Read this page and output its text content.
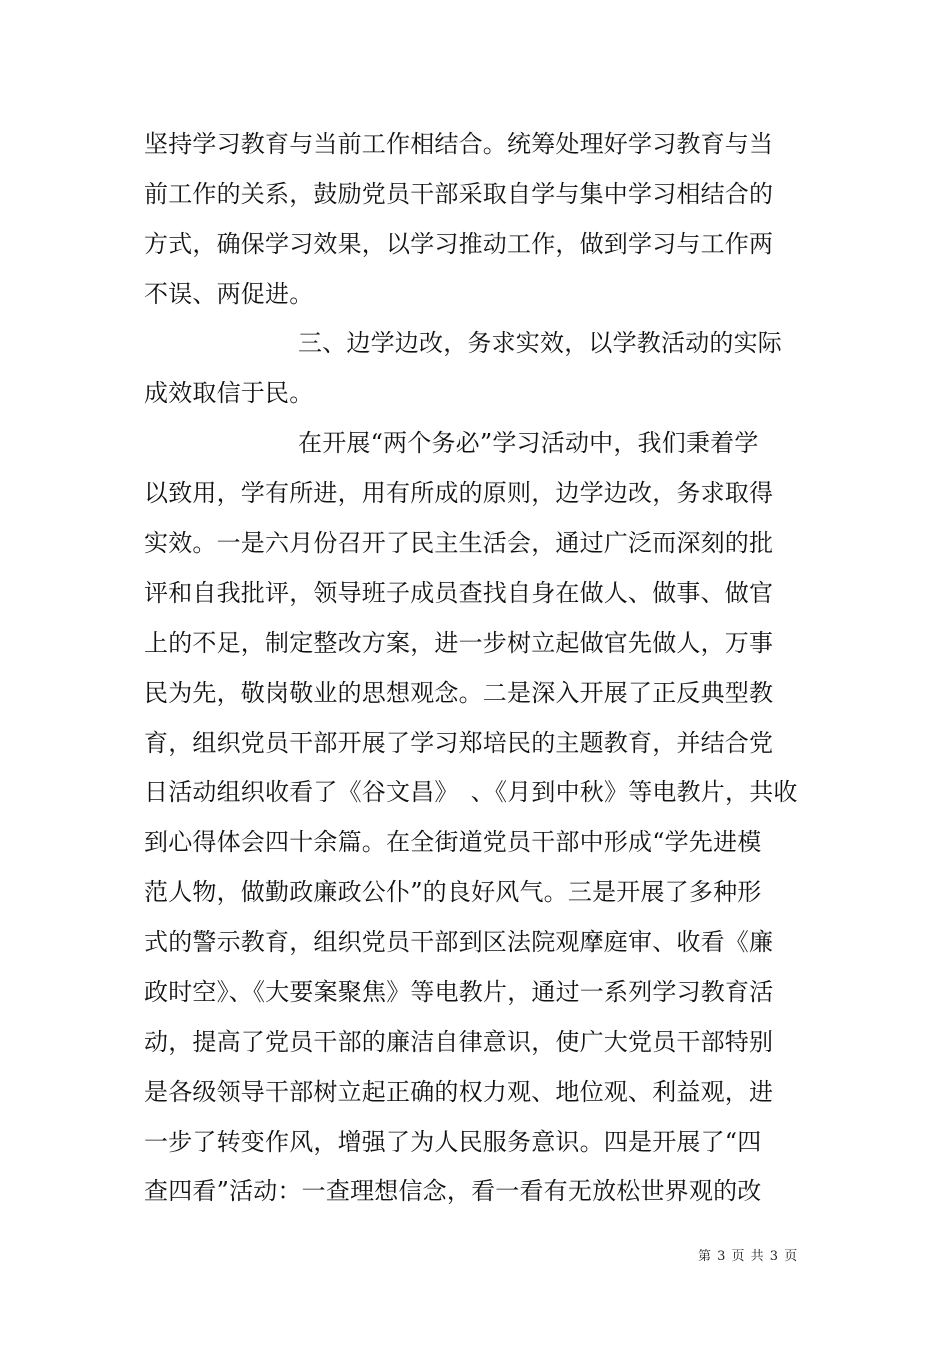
坚持学习教育与当前工作相结合。统筹处理好学习教育与当
前工作的关系，鼓励党员干部采取自学与集中学习相结合的
方式，确保学习效果，以学习推动工作，做到学习与工作两
不误、两促进。
三、边学边改，务求实效，以学教活动的实际
成效取信于民。
在开展“两个务必”学习活动中，我们秉着学
以致用，学有所进，用有所成的原则，边学边改，务求取得
实效。一是六月份召开了民主生活会，通过广泛而深刻的批
评和自我批评，领导班子成员查找自身在做人、做事、做官
上的不足，制定整改方案，进一步树立起做官先做人，万事
民为先，敬岗敬业的思想观念。二是深入开展了正反典型教
育，组织党员干部开展了学习郑培民的主题教育，并结合党
日活动组织收看了《谷文昌》　、《月到中秋》等电教片，共收
到心得体会四十余篇。在全街道党员干部中形成“学先进模
范人物，做勤政廉政公仆”的良好风气。三是开展了多种形
式的警示教育，组织党员干部到区法院观摩庭审、收看《廉
政时空》、《大要案聚焦》等电教片，通过一系列学习教育活
动，提高了党员干部的廉洁自律意识，使广大党员干部特别
是各级领导干部树立起正确的权力观、地位观、利益观，进
一步了转变作风，增强了为人民服务意识。四是开展了“四
查四看”活动：一查理想信念，看一看有无放松世界观的改
第 3 页 共 3 页
